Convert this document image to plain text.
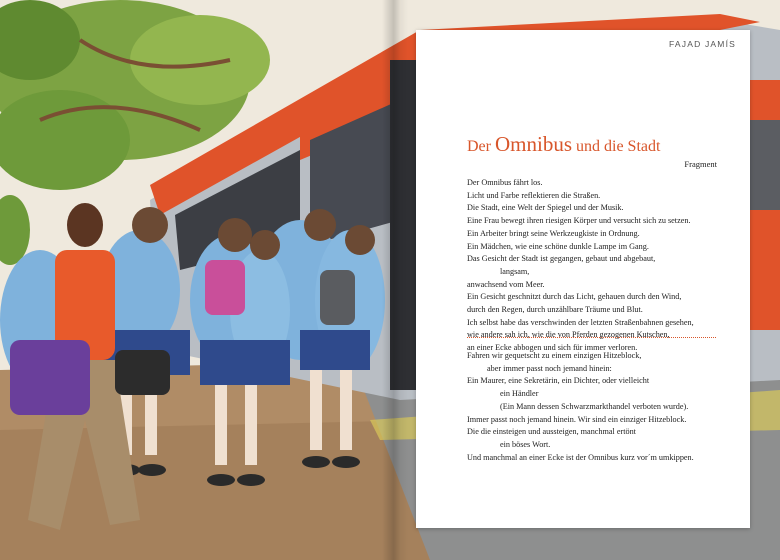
FAJAD JAMÍS
Der Omnibus und die Stadt
Fragment
Der Omnibus fährt los.
Licht und Farbe reflektieren die Straßen.
Die Stadt, eine Welt der Spiegel und der Musik.
Eine Frau bewegt ihren riesigen Körper und versucht sich zu setzen.
Ein Arbeiter bringt seine Werkzeugkiste in Ordnung.
Ein Mädchen, wie eine schöne dunkle Lampe im Gang.
Das Gesicht der Stadt ist gegangen, gebaut und abgebaut,
langsam,
anwachsend vom Meer.
Ein Gesicht geschnitzt durch das Licht, gehauen durch den Wind,
durch den Regen, durch unzählbare Träume und Blut.
Ich selbst habe das verschwinden der letzten Straßenbahnen gesehen,
wie andere sah ich, wie die von Pferden gezogenen Kutschen,
an einer Ecke abbogen und sich für immer verloren.
Fahren wir gequetscht zu einem einzigen Hitzeblock,
aber immer passt noch jemand hinein:
Ein Maurer, eine Sekretärin, ein Dichter, oder vielleicht
ein Händler
(Ein Mann dessen Schwarzmarkthandel verboten wurde).
Immer passt noch jemand hinein. Wir sind ein einziger Hitzeblock.
Die die einsteigen und aussteigen, manchmal ertönt
ein böses Wort.
Und manchmal an einer Ecke ist der Omnibus kurz vor´m umkippen.
